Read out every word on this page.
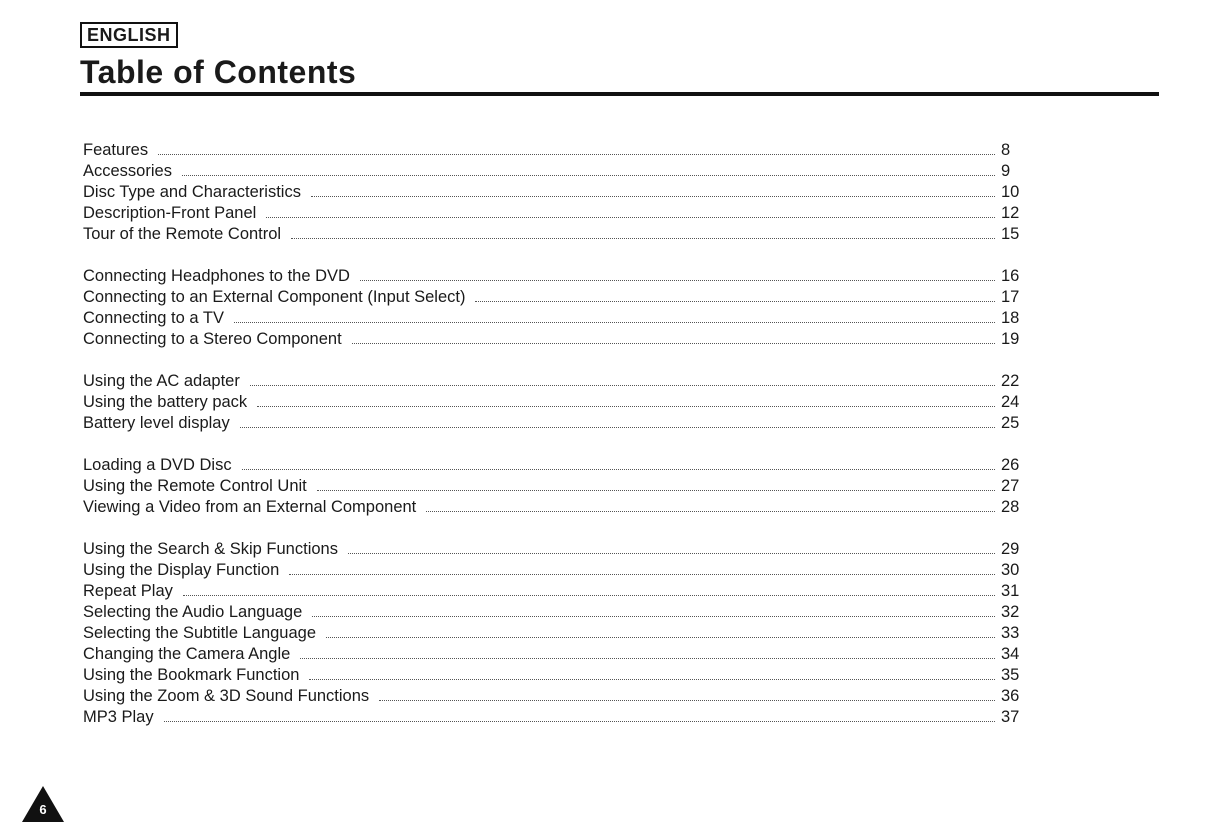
ENGLISH
Table of Contents
Features	8
Accessories	9
Disc Type and Characteristics	10
Description-Front Panel	12
Tour of the Remote Control	15
Connecting Headphones to the DVD	16
Connecting to an External Component (Input Select)	17
Connecting to a TV	18
Connecting to a Stereo Component	19
Using the AC adapter	22
Using the battery pack	24
Battery level display	25
Loading a DVD Disc	26
Using the Remote Control Unit	27
Viewing a Video from an External Component	28
Using the Search & Skip Functions	29
Using the Display Function	30
Repeat Play	31
Selecting the Audio Language	32
Selecting the Subtitle Language	33
Changing the Camera Angle	34
Using the Bookmark Function	35
Using the Zoom & 3D Sound Functions	36
MP3 Play	37
6
